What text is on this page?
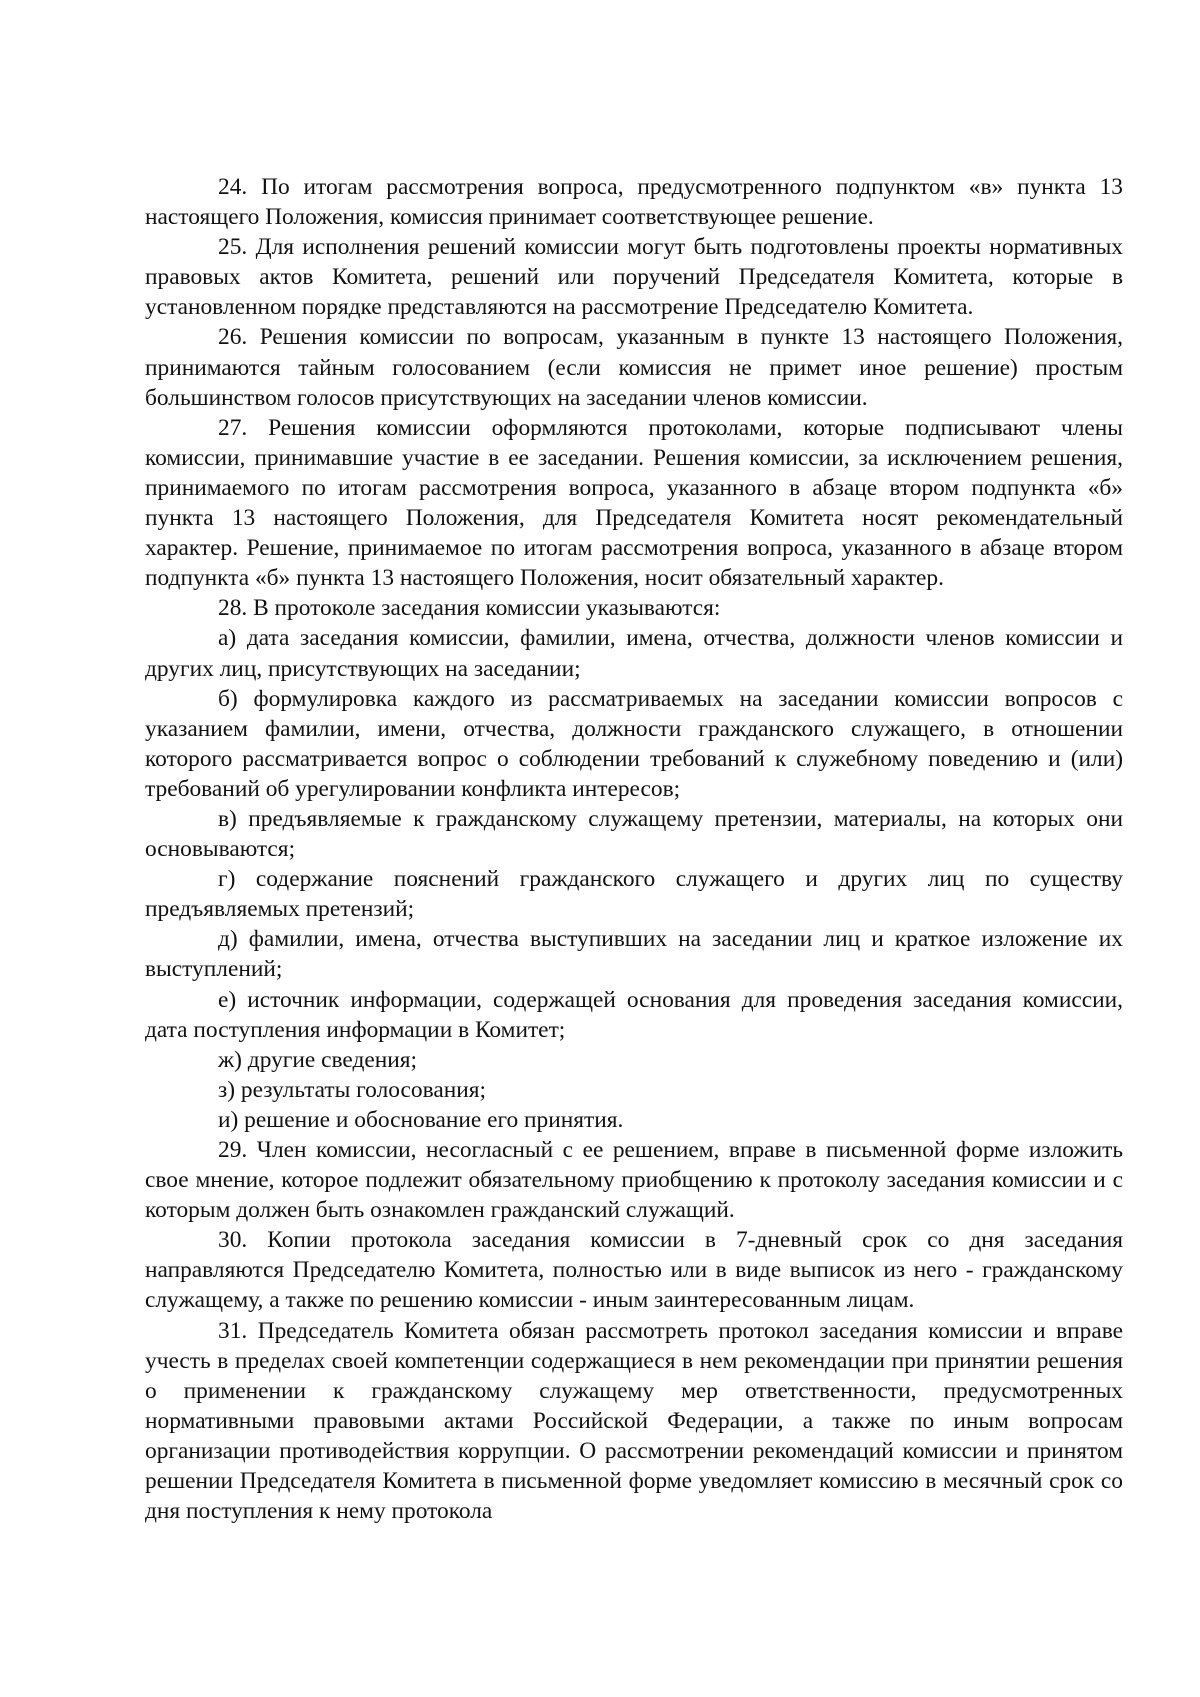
24. По итогам рассмотрения вопроса, предусмотренного подпунктом «в» пункта 13 настоящего Положения, комиссия принимает соответствующее решение.

25. Для исполнения решений комиссии могут быть подготовлены проекты нормативных правовых актов Комитета, решений или поручений Председателя Комитета, которые в установленном порядке представляются на рассмотрение Председателю Комитета.

26. Решения комиссии по вопросам, указанным в пункте 13 настоящего Положения, принимаются тайным голосованием (если комиссия не примет иное решение) простым большинством голосов присутствующих на заседании членов комиссии.

27. Решения комиссии оформляются протоколами, которые подписывают члены комиссии, принимавшие участие в ее заседании. Решения комиссии, за исключением решения, принимаемого по итогам рассмотрения вопроса, указанного в абзаце втором подпункта «б» пункта 13 настоящего Положения, для Председателя Комитета носят рекомендательный характер. Решение, принимаемое по итогам рассмотрения вопроса, указанного в абзаце втором подпункта «б» пункта 13 настоящего Положения, носит обязательный характер.

28. В протоколе заседания комиссии указываются:

а) дата заседания комиссии, фамилии, имена, отчества, должности членов комиссии и других лиц, присутствующих на заседании;

б) формулировка каждого из рассматриваемых на заседании комиссии вопросов с указанием фамилии, имени, отчества, должности гражданского служащего, в отношении которого рассматривается вопрос о соблюдении требований к служебному поведению и (или) требований об урегулировании конфликта интересов;

в) предъявляемые к гражданскому служащему претензии, материалы, на которых они основываются;

г) содержание пояснений гражданского служащего и других лиц по существу предъявляемых претензий;

д) фамилии, имена, отчества выступивших на заседании лиц и краткое изложение их выступлений;

е) источник информации, содержащей основания для проведения заседания комиссии, дата поступления информации в Комитет;

ж) другие сведения;

з) результаты голосования;

и) решение и обоснование его принятия.

29. Член комиссии, несогласный с ее решением, вправе в письменной форме изложить свое мнение, которое подлежит обязательному приобщению к протоколу заседания комиссии и с которым должен быть ознакомлен гражданский служащий.

30. Копии протокола заседания комиссии в 7-дневный срок со дня заседания направляются Председателю Комитета, полностью или в виде выписок из него - гражданскому служащему, а также по решению комиссии - иным заинтересованным лицам.

31. Председатель Комитета обязан рассмотреть протокол заседания комиссии и вправе учесть в пределах своей компетенции содержащиеся в нем рекомендации при принятии решения о применении к гражданскому служащему мер ответственности, предусмотренных нормативными правовыми актами Российской Федерации, а также по иным вопросам организации противодействия коррупции. О рассмотрении рекомендаций комиссии и принятом решении Председателя Комитета в письменной форме уведомляет комиссию в месячный срок со дня поступления к нему протокола
